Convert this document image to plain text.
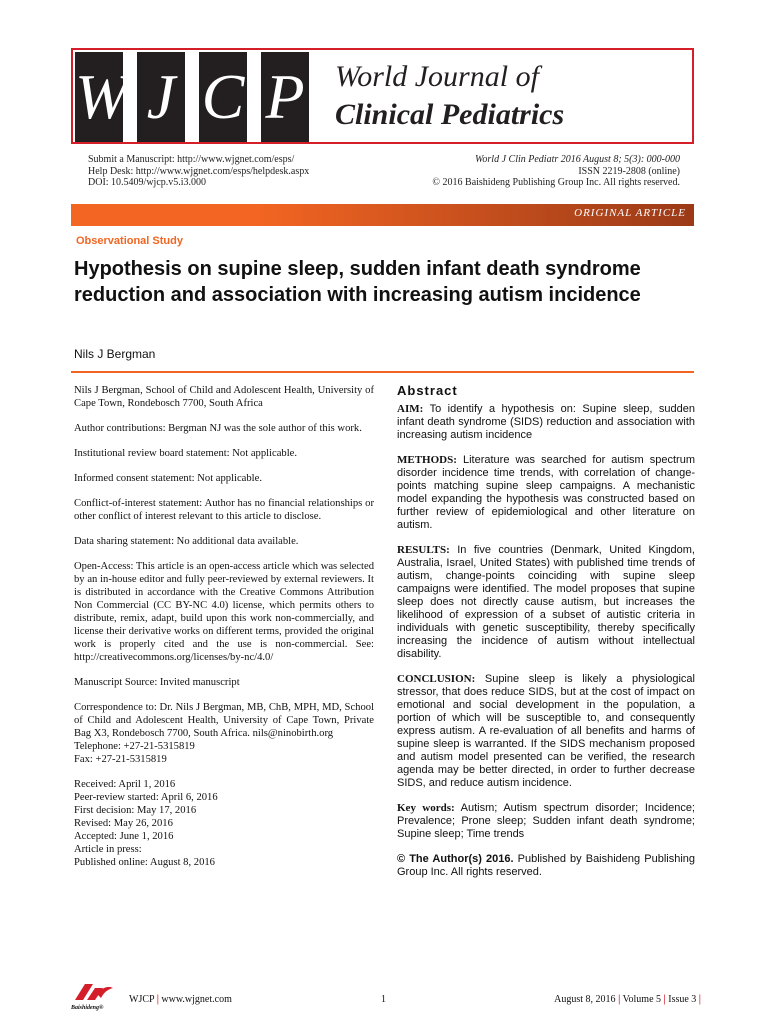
W J C P World Journal of
Clinical Pediatrics
Submit a Manuscript: http://www.wjgnet.com/esps/
Help Desk: http://www.wjgnet.com/esps/helpdesk.aspx
DOI: 10.5409/wjcp.v5.i3.000
World J Clin Pediatr 2016 August 8; 5(3): 000-000
ISSN 2219-2808 (online)
© 2016 Baishideng Publishing Group Inc. All rights reserved.
ORIGINAL ARTICLE
Observational Study
Hypothesis on supine sleep, sudden infant death syndrome reduction and association with increasing autism incidence
Nils J Bergman

Nils J Bergman, School of Child and Adolescent Health, University of Cape Town, Rondebosch 7700, South Africa

Author contributions: Bergman NJ was the sole author of this work.

Institutional review board statement: Not applicable.

Informed consent statement: Not applicable.

Conflict-of-interest statement: Author has no financial relationships or other conflict of interest relevant to this article to disclose.

Data sharing statement: No additional data available.

Open-Access: This article is an open-access article which was selected by an in-house editor and fully peer-reviewed by external reviewers. It is distributed in accordance with the Creative Commons Attribution Non Commercial (CC BY-NC 4.0) license, which permits others to distribute, remix, adapt, build upon this work non-commercially, and license their derivative works on different terms, provided the original work is properly cited and the use is non-commercial. See: http://creativecommons.org/licenses/by-nc/4.0/

Manuscript Source: Invited manuscript

Correspondence to: Dr. Nils J Bergman, MB, ChB, MPH, MD, School of Child and Adolescent Health, University of Cape Town, Private Bag X3, Rondebosch 7700, South Africa. nils@ninobirth.org

Telephone: +27-21-5315819

Fax: +27-21-5315819

Received: April 1, 2016

Peer-review started: April 6, 2016

First decision: May 17, 2016

Revised: May 26, 2016

Accepted: June 1, 2016

Article in press:

Published online: August 8, 2016

Abstract

AIM: To identify a hypothesis on: Supine sleep, sudden infant death syndrome (SIDS) reduction and association with increasing autism incidence

METHODS: Literature was searched for autism spectrum disorder incidence time trends, with correlation of change-points matching supine sleep campaigns. A mechanistic model expanding the hypothesis was constructed based on further review of epidemiological and other literature on autism.

RESULTS: In five countries (Denmark, United Kingdom, Australia, Israel, United States) with published time trends of autism, change-points coinciding with supine sleep campaigns were identified. The model proposes that supine sleep does not directly cause autism, but increases the likelihood of expression of a subset of autistic criteria in individuals with genetic susceptibility, thereby specifically increasing the incidence of autism without intellectual disability.

CONCLUSION: Supine sleep is likely a physiological stressor, that does reduce SIDS, but at the cost of impact on emotional and social development in the population, a portion of which will be susceptible to, and consequently express autism. A re-evaluation of all benefits and harms of supine sleep is warranted. If the SIDS mechanism proposed and autism model presented can be verified, the research agenda may be better directed, in order to further decrease SIDS, and reduce autism incidence.

Key words: Autism; Autism spectrum disorder; Incidence; Prevalence; Prone sleep; Sudden infant death syndrome; Supine sleep; Time trends

© The Author(s) 2016. Published by Baishideng Publishing Group Inc. All rights reserved.

Baishideng®
WJCP | www.wjgnet.com	1	August 8, 2016 | Volume 5 | Issue 3 |
